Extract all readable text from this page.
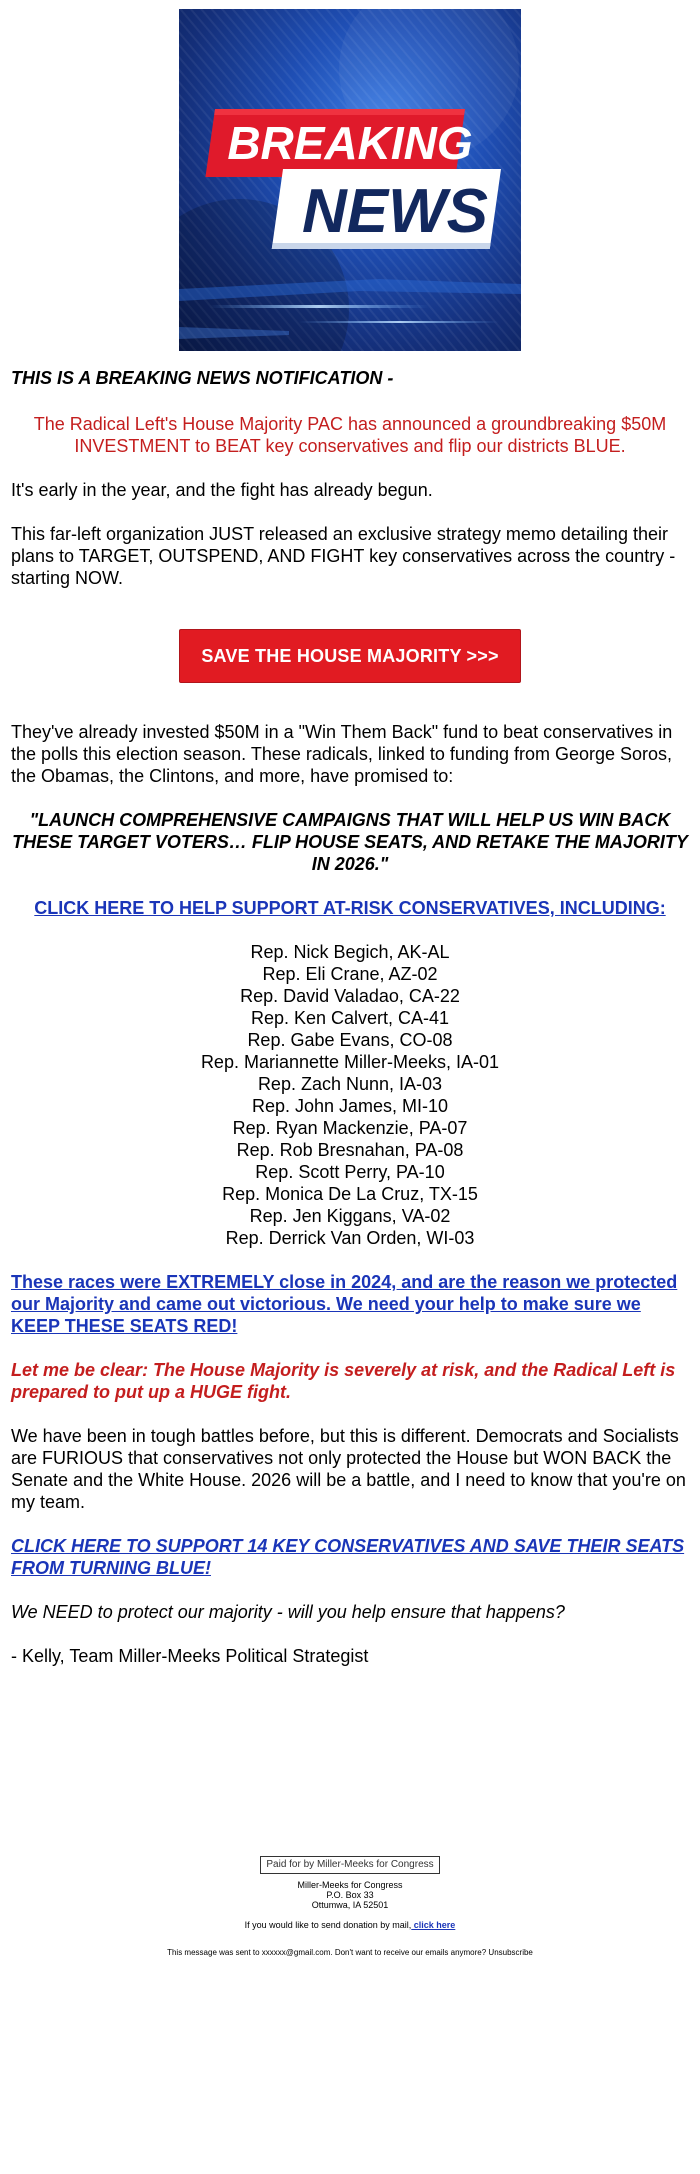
BREAKING
NEWS

THIS IS A BREAKING NEWS NOTIFICATION -

The Radical Left's House Majority PAC has announced a groundbreaking $50M INVESTMENT to BEAT key conservatives and flip our districts BLUE.

It's early in the year, and the fight has already begun.

This far-left organization JUST released an exclusive strategy memo detailing their plans to TARGET, OUTSPEND, AND FIGHT key conservatives across the country - starting NOW.

SAVE THE HOUSE MAJORITY >>>

They've already invested $50M in a "Win Them Back" fund to beat conservatives in the polls this election season. These radicals, linked to funding from George Soros, the Obamas, the Clintons, and more, have promised to:

"LAUNCH COMPREHENSIVE CAMPAIGNS THAT WILL HELP US WIN BACK THESE TARGET VOTERS… FLIP HOUSE SEATS, AND RETAKE THE MAJORITY IN 2026."

CLICK HERE TO HELP SUPPORT AT-RISK CONSERVATIVES, INCLUDING:
Rep. Nick Begich, AK-AL
Rep. Eli Crane, AZ-02
Rep. David Valadao, CA-22
Rep. Ken Calvert, CA-41
Rep. Gabe Evans, CO-08
Rep. Mariannette Miller-Meeks, IA-01
Rep. Zach Nunn, IA-03
Rep. John James, MI-10
Rep. Ryan Mackenzie, PA-07
Rep. Rob Bresnahan, PA-08
Rep. Scott Perry, PA-10
Rep. Monica De La Cruz, TX-15
Rep. Jen Kiggans, VA-02
Rep. Derrick Van Orden, WI-03
These races were EXTREMELY close in 2024, and are the reason we protected our Majority and came out victorious. We need your help to make sure we KEEP THESE SEATS RED!

Let me be clear: The House Majority is severely at risk, and the Radical Left is prepared to put up a HUGE fight.

We have been in tough battles before, but this is different. Democrats and Socialists are FURIOUS that conservatives not only protected the House but WON BACK the Senate and the White House. 2026 will be a battle, and I need to know that you're on my team.

CLICK HERE TO SUPPORT 14 KEY CONSERVATIVES AND SAVE THEIR SEATS FROM TURNING BLUE!

We NEED to protect our majority - will you help ensure that happens?

- Kelly, Team Miller-Meeks Political Strategist

Paid for by Miller-Meeks for Congress
Miller-Meeks for Congress
P.O. Box 33
Ottumwa, IA 52501
If you would like to send donation by mail, click here
This message was sent to xxxxxx@gmail.com. Don't want to receive our emails anymore? Unsubscribe
